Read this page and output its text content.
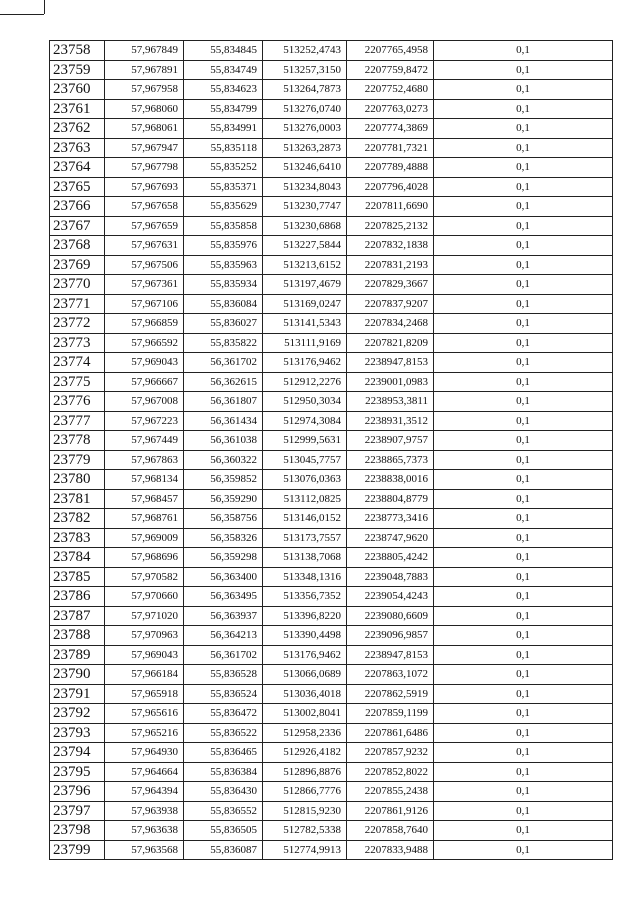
23758	57,967849	55,834845	513252,4743	2207765,4958	0,1
23759	57,967891	55,834749	513257,3150	2207759,8472	0,1
23760	57,967958	55,834623	513264,7873	2207752,4680	0,1
23761	57,968060	55,834799	513276,0740	2207763,0273	0,1
23762	57,968061	55,834991	513276,0003	2207774,3869	0,1
23763	57,967947	55,835118	513263,2873	2207781,7321	0,1
23764	57,967798	55,835252	513246,6410	2207789,4888	0,1
23765	57,967693	55,835371	513234,8043	2207796,4028	0,1
23766	57,967658	55,835629	513230,7747	2207811,6690	0,1
23767	57,967659	55,835858	513230,6868	2207825,2132	0,1
23768	57,967631	55,835976	513227,5844	2207832,1838	0,1
23769	57,967506	55,835963	513213,6152	2207831,2193	0,1
23770	57,967361	55,835934	513197,4679	2207829,3667	0,1
23771	57,967106	55,836084	513169,0247	2207837,9207	0,1
23772	57,966859	55,836027	513141,5343	2207834,2468	0,1
23773	57,966592	55,835822	513111,9169	2207821,8209	0,1
23774	57,969043	56,361702	513176,9462	2238947,8153	0,1
23775	57,966667	56,362615	512912,2276	2239001,0983	0,1
23776	57,967008	56,361807	512950,3034	2238953,3811	0,1
23777	57,967223	56,361434	512974,3084	2238931,3512	0,1
23778	57,967449	56,361038	512999,5631	2238907,9757	0,1
23779	57,967863	56,360322	513045,7757	2238865,7373	0,1
23780	57,968134	56,359852	513076,0363	2238838,0016	0,1
23781	57,968457	56,359290	513112,0825	2238804,8779	0,1
23782	57,968761	56,358756	513146,0152	2238773,3416	0,1
23783	57,969009	56,358326	513173,7557	2238747,9620	0,1
23784	57,968696	56,359298	513138,7068	2238805,4242	0,1
23785	57,970582	56,363400	513348,1316	2239048,7883	0,1
23786	57,970660	56,363495	513356,7352	2239054,4243	0,1
23787	57,971020	56,363937	513396,8220	2239080,6609	0,1
23788	57,970963	56,364213	513390,4498	2239096,9857	0,1
23789	57,969043	56,361702	513176,9462	2238947,8153	0,1
23790	57,966184	55,836528	513066,0689	2207863,1072	0,1
23791	57,965918	55,836524	513036,4018	2207862,5919	0,1
23792	57,965616	55,836472	513002,8041	2207859,1199	0,1
23793	57,965216	55,836522	512958,2336	2207861,6486	0,1
23794	57,964930	55,836465	512926,4182	2207857,9232	0,1
23795	57,964664	55,836384	512896,8876	2207852,8022	0,1
23796	57,964394	55,836430	512866,7776	2207855,2438	0,1
23797	57,963938	55,836552	512815,9230	2207861,9126	0,1
23798	57,963638	55,836505	512782,5338	2207858,7640	0,1
23799	57,963568	55,836087	512774,9913	2207833,9488	0,1
